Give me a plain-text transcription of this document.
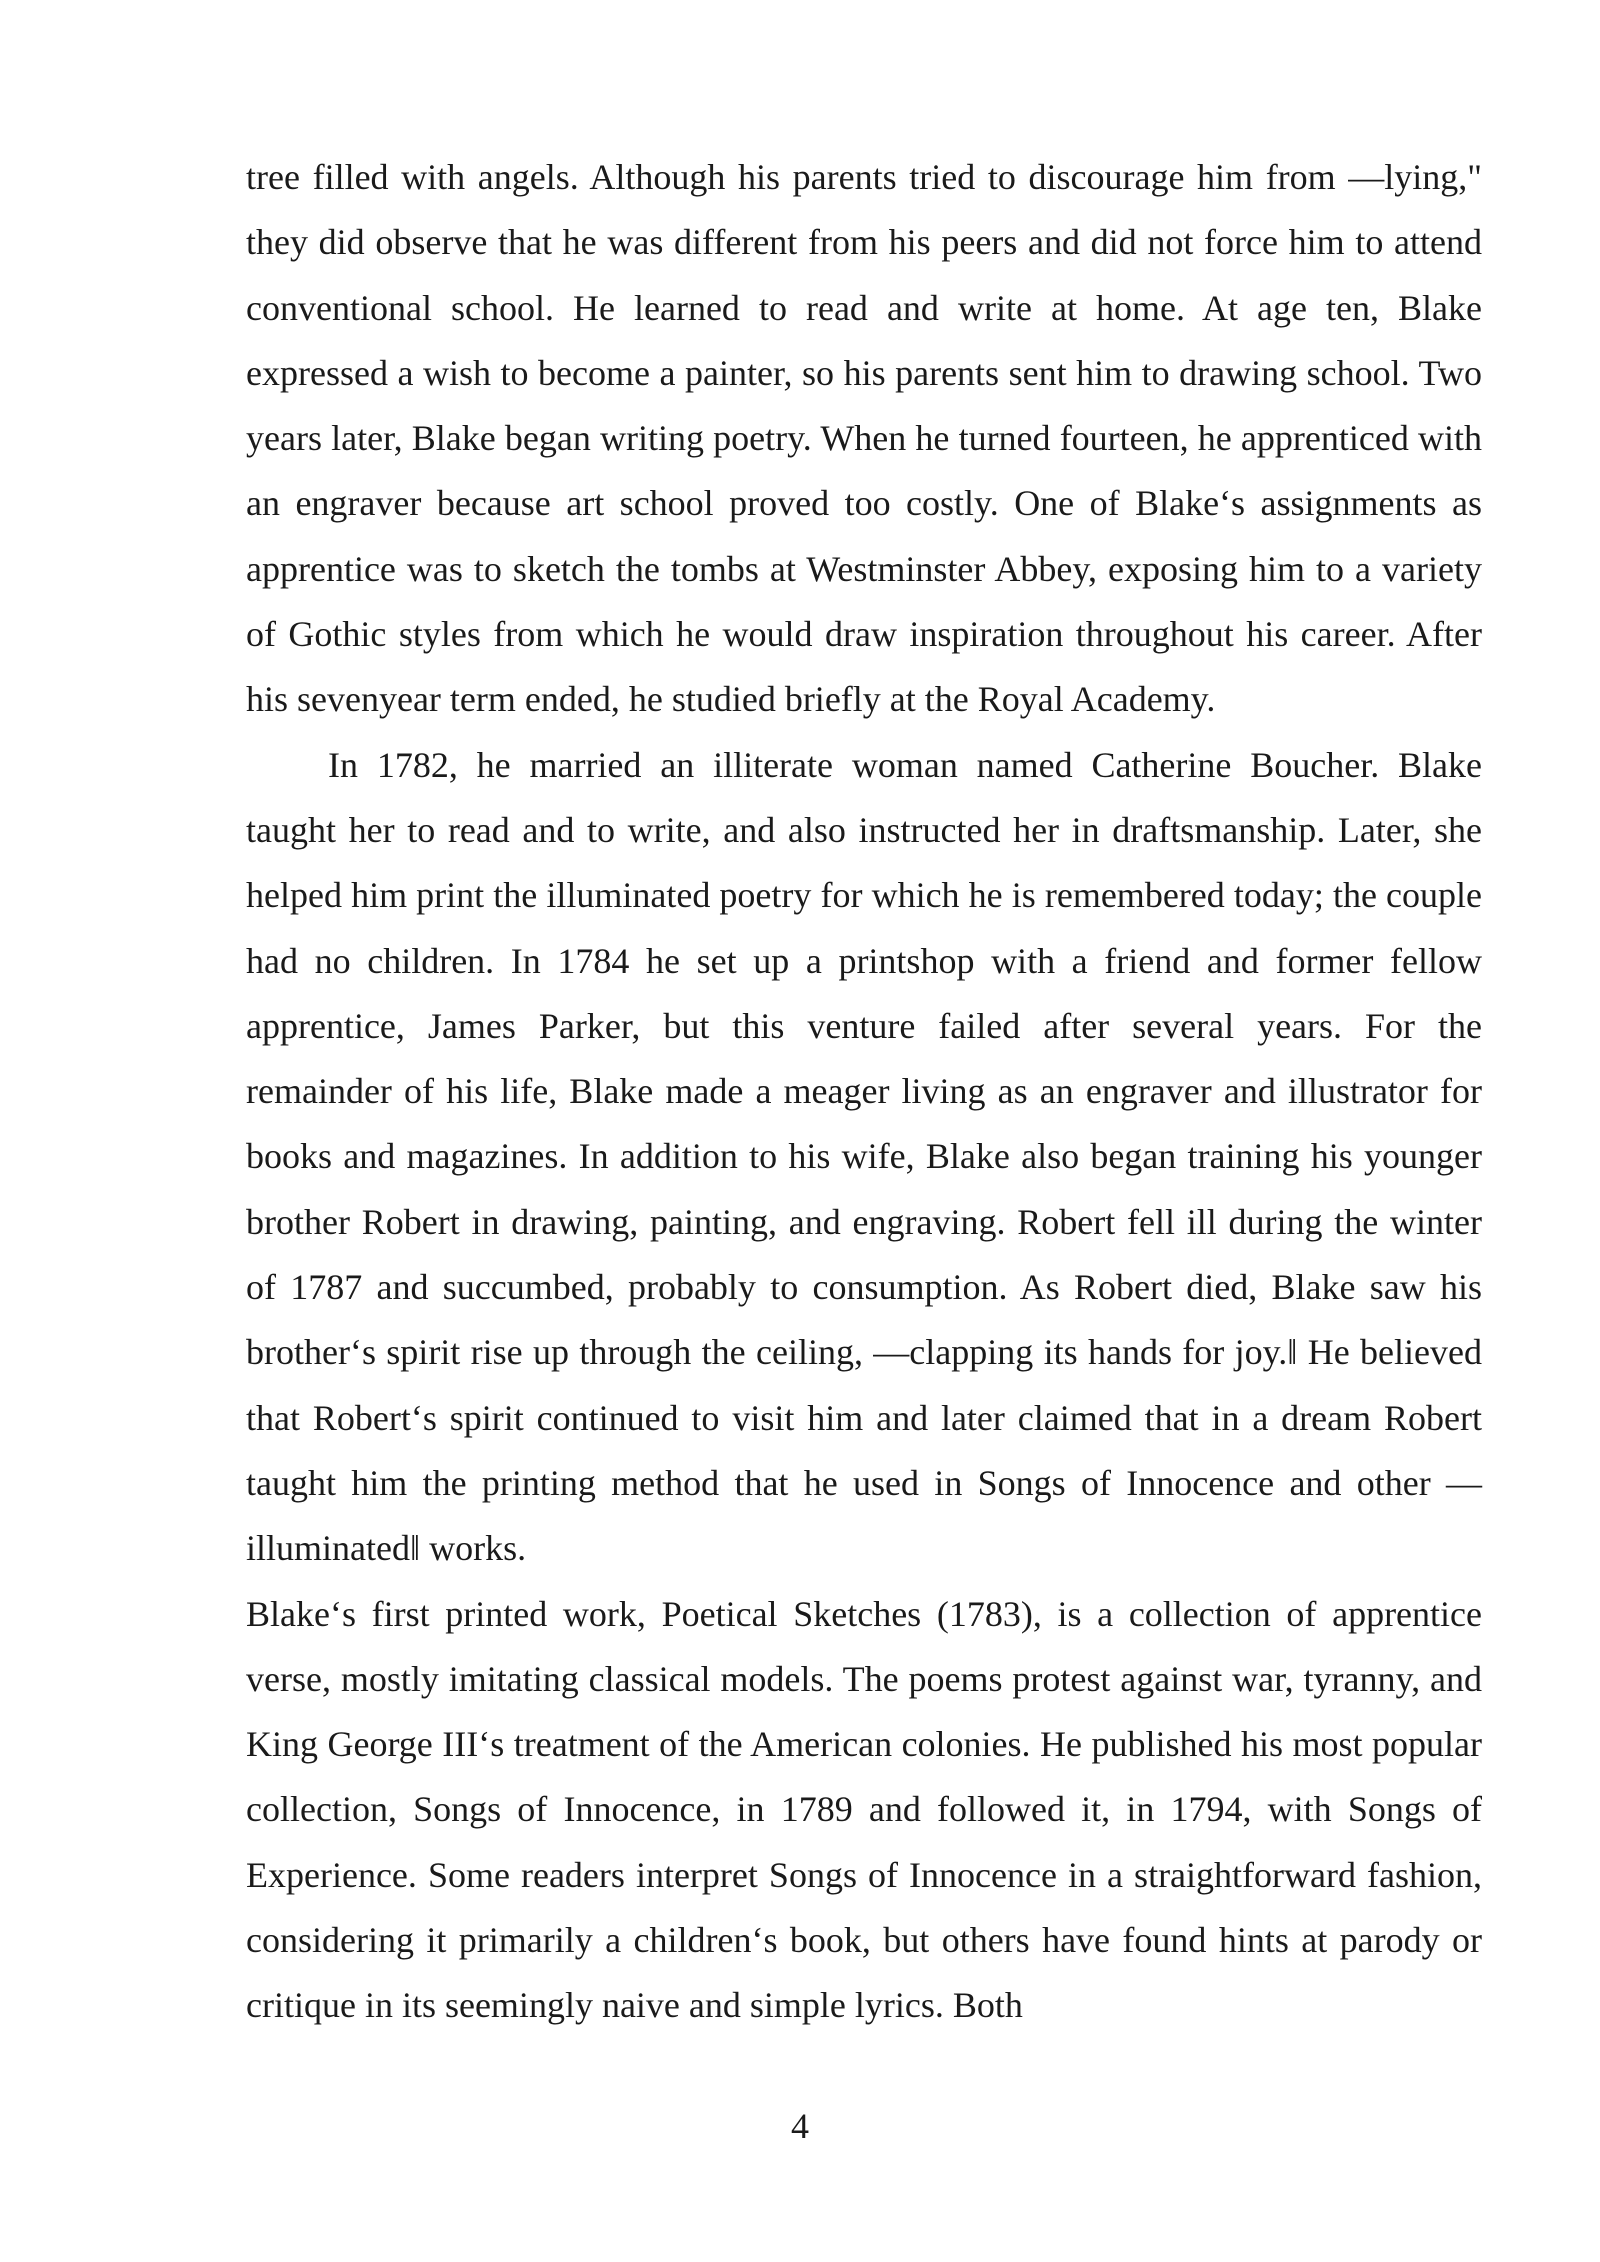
tree filled with angels. Although his parents tried to discourage him from —lying," they did observe that he was different from his peers and did not force him to attend conventional school. He learned to read and write at home. At age ten, Blake expressed a wish to become a painter, so his parents sent him to drawing school. Two years later, Blake began writing poetry. When he turned fourteen, he apprenticed with an engraver because art school proved too costly. One of Blake‘s assignments as apprentice was to sketch the tombs at Westminster Abbey, exposing him to a variety of Gothic styles from which he would draw inspiration throughout his career. After his sevenyear term ended, he studied briefly at the Royal Academy.

In 1782, he married an illiterate woman named Catherine Boucher. Blake taught her to read and to write, and also instructed her in draftsmanship. Later, she helped him print the illuminated poetry for which he is remembered today; the couple had no children. In 1784 he set up a printshop with a friend and former fellow apprentice, James Parker, but this venture failed after several years. For the remainder of his life, Blake made a meager living as an engraver and illustrator for books and magazines. In addition to his wife, Blake also began training his younger brother Robert in drawing, painting, and engraving. Robert fell ill during the winter of 1787 and succumbed, probably to consumption. As Robert died, Blake saw his brother‘s spirit rise up through the ceiling, —clapping its hands for joy.‖ He believed that Robert‘s spirit continued to visit him and later claimed that in a dream Robert taught him the printing method that he used in Songs of Innocence and other —illuminated‖ works.

Blake‘s first printed work, Poetical Sketches (1783), is a collection of apprentice verse, mostly imitating classical models. The poems protest against war, tyranny, and King George III‘s treatment of the American colonies. He published his most popular collection, Songs of Innocence, in 1789 and followed it, in 1794, with Songs of Experience. Some readers interpret Songs of Innocence in a straightforward fashion, considering it primarily a children‘s book, but others have found hints at parody or critique in its seemingly naive and simple lyrics. Both

4
